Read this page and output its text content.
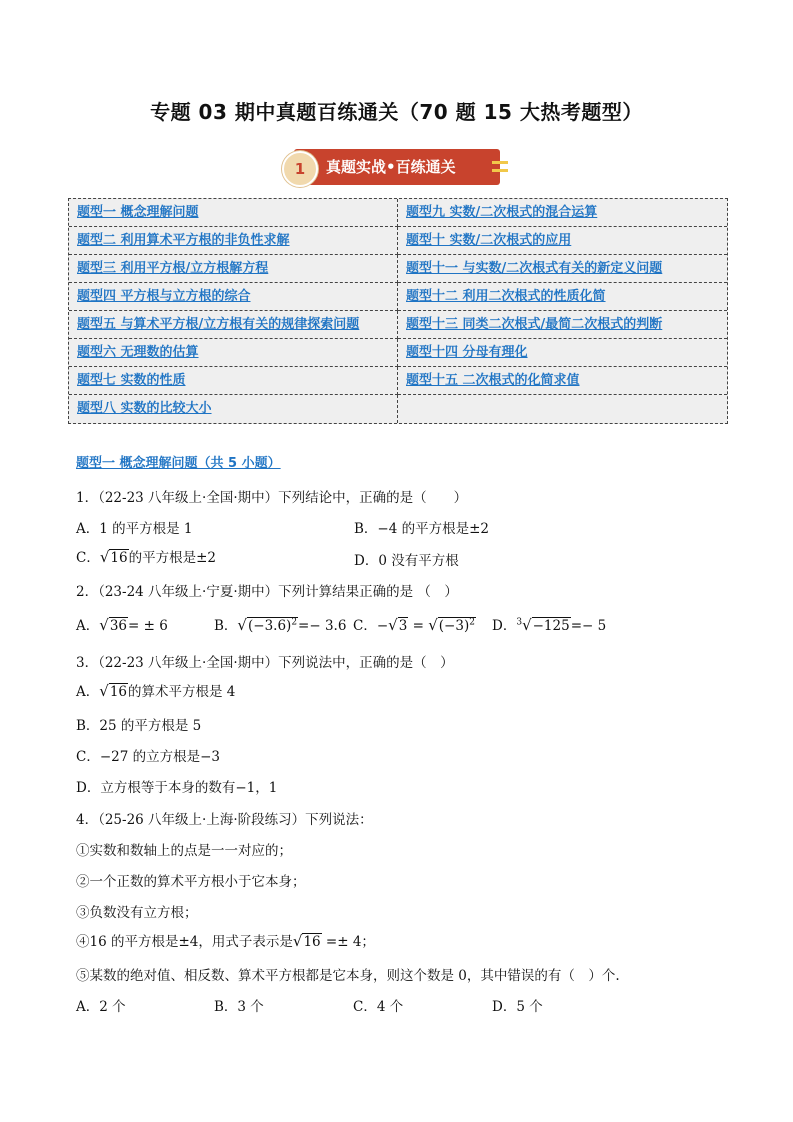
专题 03 期中真题百练通关（70 题 15 大热考题型）
1	真题实战•百练通关
题型一 概念理解问题	题型九 实数/二次根式的混合运算
题型二 利用算术平方根的非负性求解	题型十 实数/二次根式的应用
题型三 利用平方根/立方根解方程	题型十一 与实数/二次根式有关的新定义问题
题型四 平方根与立方根的综合	题型十二 利用二次根式的性质化简
题型五 与算术平方根/立方根有关的规律探索问题	题型十三 同类二次根式/最简二次根式的判断
题型六 无理数的估算	题型十四 分母有理化
题型七 实数的性质	题型十五 二次根式的化简求值
题型八 实数的比较大小
题型一 概念理解问题（共 5 小题）
1．（22-23 八年级上·全国·期中）下列结论中，正确的是（　　）
A．1 的平方根是 1	B．−4 的平方根是±2
C．√16的平方根是±2	D．0 没有平方根
2．（23-24 八年级上·宁夏·期中）下列计算结果正确的是 （　）
A．√36= ± 6	B．$√(-3.6)^2=- 3.6$ C．$-√3 = √(-3)^2$ D．$^3$√−125=− 5
3．（22-23 八年级上·全国·期中）下列说法中，正确的是（　）
A．√16的算术平方根是 4
B．25 的平方根是 5
C．−27 的立方根是−3
D．立方根等于本身的数有−1，1
4．（25-26 八年级上·上海·阶段练习）下列说法：
①实数和数轴上的点是一一对应的；
②一个正数的算术平方根小于它本身；
③负数没有立方根；
④16 的平方根是±4，用式子表示是√16 =± 4；
⑤某数的绝对值、相反数、算术平方根都是它本身，则这个数是 0，其中错误的有（　）个.
A．2 个	B．3 个	C．4 个	D．5 个
